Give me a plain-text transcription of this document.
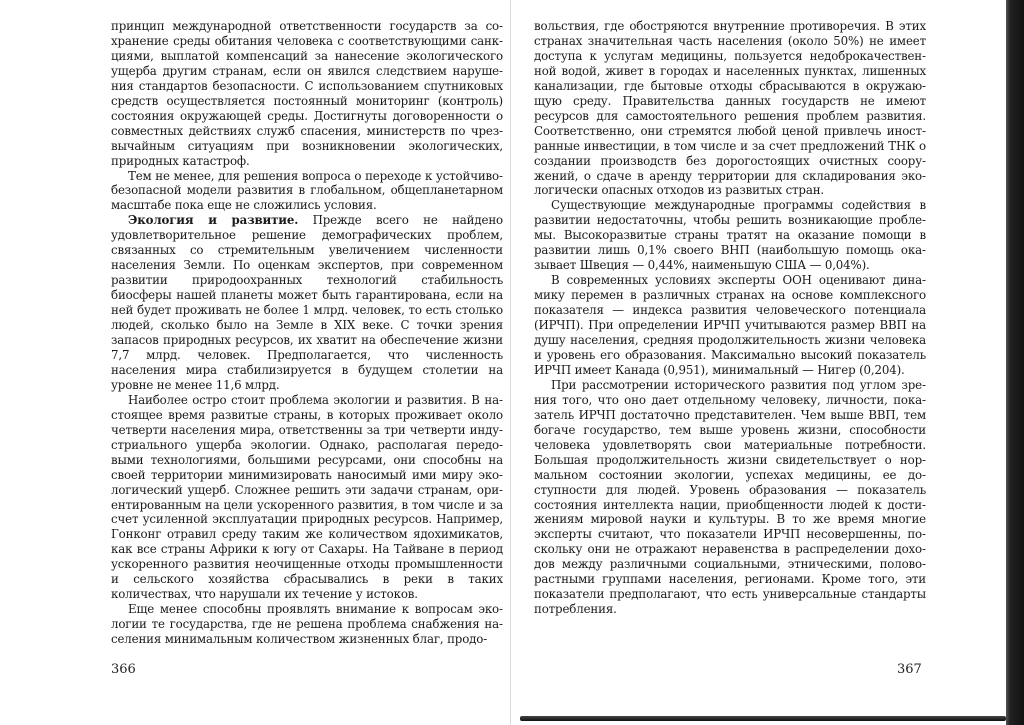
принцип международной ответственности государств за сохранение среды обитания человека с соответствующими санкциями, выплатой компенсаций за нанесение экологического ущерба другим странам, если он явился следствием нарушения стандартов безопасности. С использованием спутниковых средств осуществляется постоянный мониторинг (контроль) состояния окружающей среды. Достигнуты договоренности о совместных действиях служб спасения, министерств по чрезвычайным ситуациям при возникновении экологических, природных катастроф.

Тем не менее, для решения вопроса о переходе к устойчивобезопасной модели развития в глобальном, общепланетарном масштабе пока еще не сложились условия.

Экология и развитие. Прежде всего не найдено удовлетворительное решение демографических проблем, связанных со стремительным увеличением численности населения Земли. По оценкам экспертов, при современном развитии природоохранных технологий стабильность биосферы нашей планеты может быть гарантирована, если на ней будет проживать не более 1 млрд. человек, то есть столько людей, сколько было на Земле в XIX веке. С точки зрения запасов природных ресурсов, их хватит на обеспечение жизни 7,7 млрд. человек. Предполагается, что численность населения мира стабилизируется в будущем столетии на уровне не менее 11,6 млрд.

Наиболее остро стоит проблема экологии и развития. В настоящее время развитые страны, в которых проживает около четверти населения мира, ответственны за три четверти индустриального ущерба экологии. Однако, располагая передовыми технологиями, большими ресурсами, они способны на своей территории минимизировать наносимый ими миру экологический ущерб. Сложнее решить эти задачи странам, ориентированным на цели ускоренного развития, в том числе и за счет усиленной эксплуатации природных ресурсов. Например, Гонконг отравил среду таким же количеством ядохимикатов, как все страны Африки к югу от Сахары. На Тайване в период ускоренного развития неочищенные отходы промышленности и сельского хозяйства сбрасывались в реки в таких количествах, что нарушали их течение у истоков.

Еще менее способны проявлять внимание к вопросам экологии те государства, где не решена проблема снабжения населения минимальным количеством жизненных благ, продо-

вольствия, где обостряются внутренние противоречия. В этих странах значительная часть населения (около 50%) не имеет доступа к услугам медицины, пользуется недоброкачественной водой, живет в городах и населенных пунктах, лишенных канализации, где бытовые отходы сбрасываются в окружающую среду. Правительства данных государств не имеют ресурсов для самостоятельного решения проблем развития. Соответственно, они стремятся любой ценой привлечь иностранные инвестиции, в том числе и за счет предложений ТНК о создании производств без дорогостоящих очистных сооружений, о сдаче в аренду территории для складирования экологически опасных отходов из развитых стран.

Существующие международные программы содействия в развитии недостаточны, чтобы решить возникающие проблемы. Высокоразвитые страны тратят на оказание помощи в развитии лишь 0,1% своего ВНП (наибольшую помощь оказывает Швеция — 0,44%, наименьшую США — 0,04%).

В современных условиях эксперты ООН оценивают динамику перемен в различных странах на основе комплексного показателя — индекса развития человеческого потенциала (ИРЧП). При определении ИРЧП учитываются размер ВВП на душу населения, средняя продолжительность жизни человека и уровень его образования. Максимально высокий показатель ИРЧП имеет Канада (0,951), минимальный — Нигер (0,204).

При рассмотрении исторического развития под углом зрения того, что оно дает отдельному человеку, личности, показатель ИРЧП достаточно представителен. Чем выше ВВП, тем богаче государство, тем выше уровень жизни, способности человека удовлетворять свои материальные потребности. Большая продолжительность жизни свидетельствует о нормальном состоянии экологии, успехах медицины, ее доступности для людей. Уровень образования — показатель состояния интеллекта нации, приобщенности людей к достижениям мировой науки и культуры. В то же время многие эксперты считают, что показатели ИРЧП несовершенны, поскольку они не отражают неравенства в распределении доходов между различными социальными, этническими, половорастными группами населения, регионами. Кроме того, эти показатели предполагают, что есть универсальные стандарты потребления.

366	367
